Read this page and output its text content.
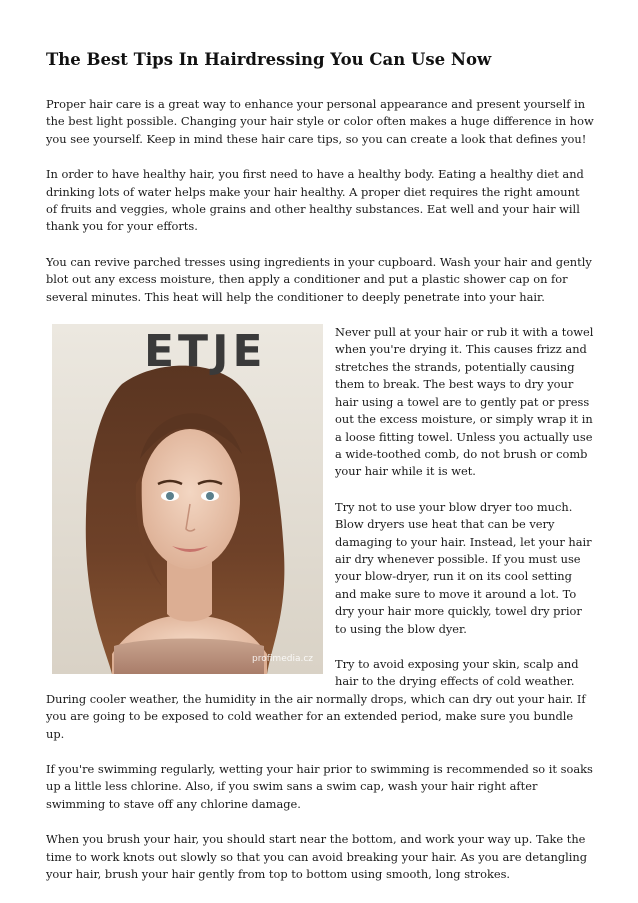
The Best Tips In Hairdressing You Can Use Now

Proper hair care is a great way to enhance your personal appearance and present yourself in the best light possible. Changing your hair style or color often makes a huge difference in how you see yourself. Keep in mind these hair care tips, so you can create a look that defines you!

In order to have healthy hair, you first need to have a healthy body. Eating a healthy diet and drinking lots of water helps make your hair healthy. A proper diet requires the right amount of fruits and veggies, whole grains and other healthy substances. Eat well and your hair will thank you for your efforts.

You can revive parched tresses using ingredients in your cupboard. Wash your hair and gently blot out any excess moisture, then apply a conditioner and put a plastic shower cap on for several minutes. This heat will help the conditioner to deeply penetrate into your hair.

ETJE
profimedia.cz

Never pull at your hair or rub it with a towel when you're drying it. This causes frizz and stretches the strands, potentially causing them to break. The best ways to dry your hair using a towel are to gently pat or press out the excess moisture, or simply wrap it in a loose fitting towel. Unless you actually use a wide-toothed comb, do not brush or comb your hair while it is wet.

Try not to use your blow dryer too much. Blow dryers use heat that can be very damaging to your hair. Instead, let your hair air dry whenever possible. If you must use your blow-dryer, run it on its cool setting and make sure to move it around a lot. To dry your hair more quickly, towel dry prior to using the blow dyer.

Try to avoid exposing your skin, scalp and hair to the drying effects of cold weather. During cooler weather, the humidity in the air normally drops, which can dry out your hair. If you are going to be exposed to cold weather for an extended period, make sure you bundle up.

If you're swimming regularly, wetting your hair prior to swimming is recommended so it soaks up a little less chlorine. Also, if you swim sans a swim cap, wash your hair right after swimming to stave off any chlorine damage.

When you brush your hair, you should start near the bottom, and work your way up. Take the time to work knots out slowly so that you can avoid breaking your hair. As you are detangling your hair, brush your hair gently from top to bottom using smooth, long strokes.
